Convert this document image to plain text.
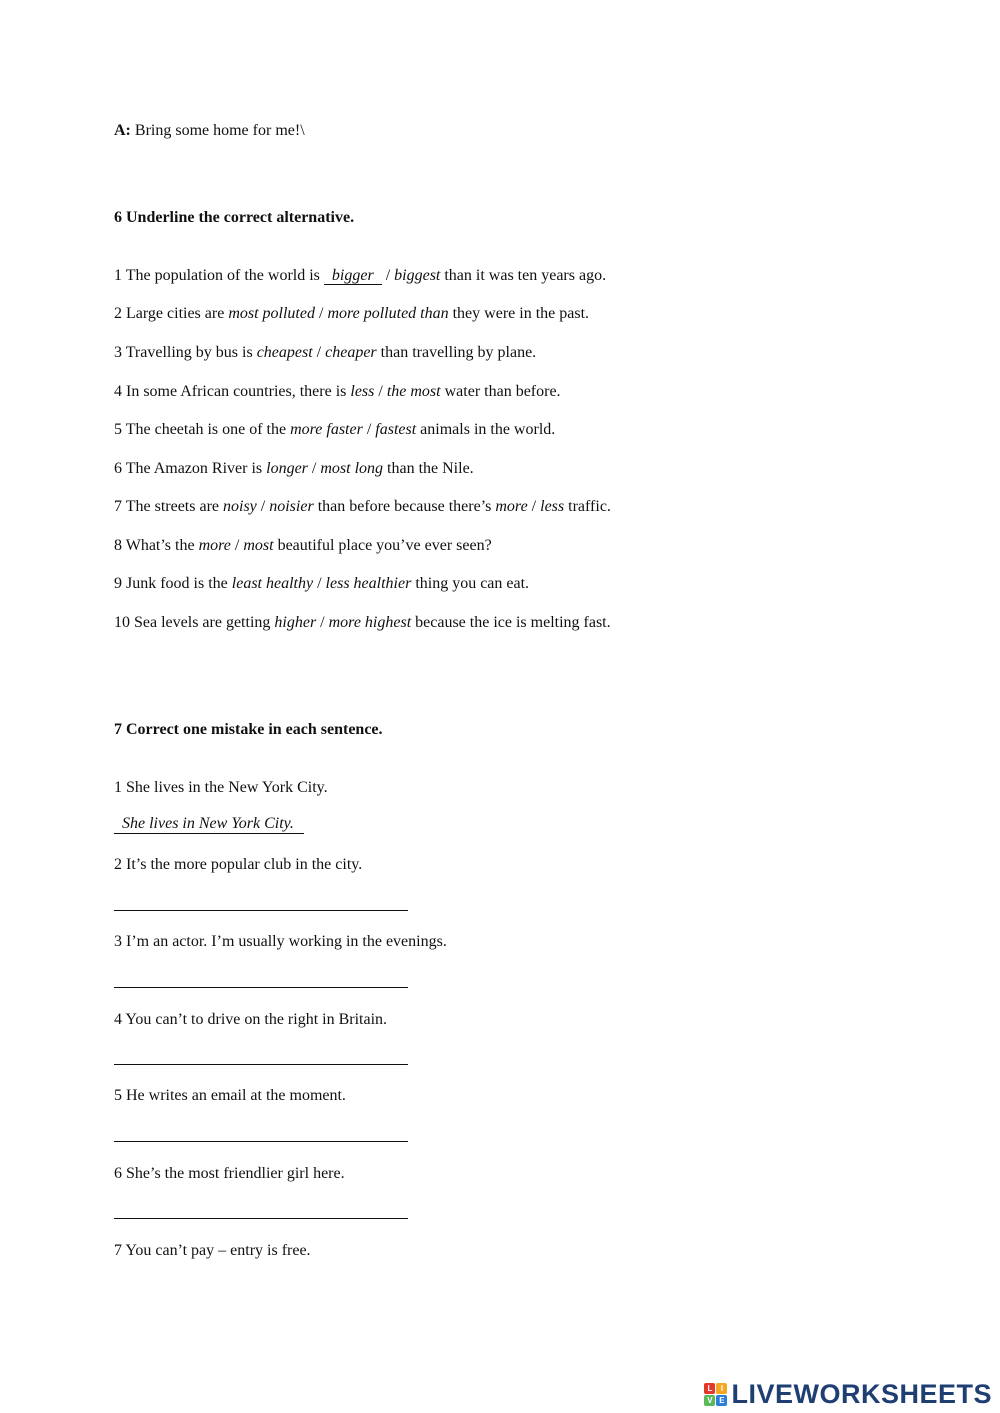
A: Bring some home for me!\
6 Underline the correct alternative.
1 The population of the world is bigger / biggest than it was ten years ago.
2 Large cities are most polluted / more polluted than they were in the past.
3 Travelling by bus is cheapest / cheaper than travelling by plane.
4 In some African countries, there is less / the most water than before.
5 The cheetah is one of the more faster / fastest animals in the world.
6 The Amazon River is longer / most long than the Nile.
7 The streets are noisy / noisier than before because there’s more / less traffic.
8 What’s the more / most beautiful place you’ve ever seen?
9 Junk food is the least healthy / less healthier thing you can eat.
10 Sea levels are getting higher / more highest because the ice is melting fast.
7 Correct one mistake in each sentence.
1 She lives in the New York City.
She lives in New York City.
2 It’s the more popular club in the city.
3 I’m an actor. I’m usually working in the evenings.
4 You can’t to drive on the right in Britain.
5 He writes an email at the moment.
6 She’s the most friendlier girl here.
7 You can’t pay – entry is free.
L	I
V E LIVEWORKSHEETS
